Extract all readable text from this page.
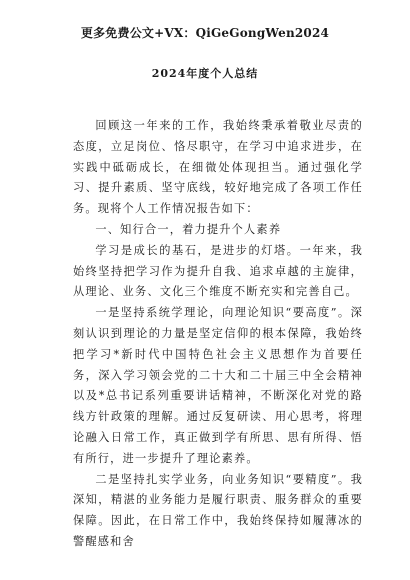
更多免费公文+VX：QiGeGongWen2024
2024年度个人总结

回顾这一年来的工作，我始终秉承着敬业尽责的态度，立足岗位、恪尽职守，在学习中追求进步，在实践中砥砺成长，在细微处体现担当。通过强化学习、提升素质、坚守底线，较好地完成了各项工作任务。现将个人工作情况报告如下：

一、知行合一，着力提升个人素养

学习是成长的基石，是进步的灯塔。一年来，我始终坚持把学习作为提升自我、追求卓越的主旋律，从理论、业务、文化三个维度不断充实和完善自己。

一是坚持系统学理论，向理论知识“要高度”。深刻认识到理论的力量是坚定信仰的根本保障，我始终把学习*新时代中国特色社会主义思想作为首要任务，深入学习领会党的二十大和二十届三中全会精神以及*总书记系列重要讲话精神，不断深化对党的路线方针政策的理解。通过反复研读、用心思考，将理论融入日常工作，真正做到学有所思、思有所得、悟有所行，进一步提升了理论素养。

二是坚持扎实学业务，向业务知识“要精度”。我深知，精湛的业务能力是履行职责、服务群众的重要保障。因此，在日常工作中，我始终保持如履薄冰的警醒感和舍
